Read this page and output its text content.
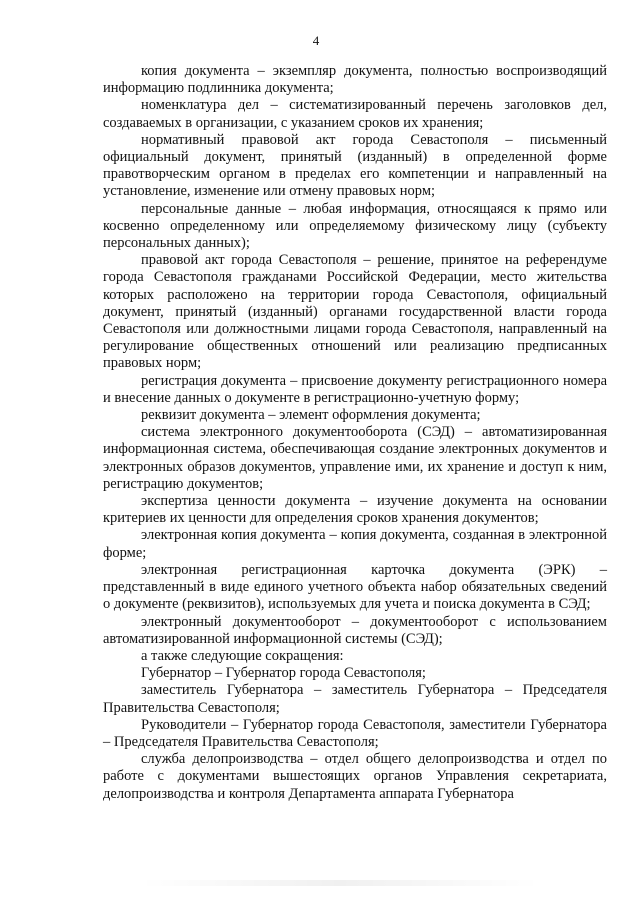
4

копия документа – экземпляр документа, полностью воспроизводящий информацию подлинника документа;

номенклатура дел – систематизированный перечень заголовков дел, создаваемых в организации, с указанием сроков их хранения;

нормативный правовой акт города Севастополя – письменный официальный документ, принятый (изданный) в определенной форме правотворческим органом в пределах его компетенции и направленный на установление, изменение или отмену правовых норм;

персональные данные – любая информация, относящаяся к прямо или косвенно определенному или определяемому физическому лицу (субъекту персональных данных);

правовой акт города Севастополя – решение, принятое на референдуме города Севастополя гражданами Российской Федерации, место жительства которых расположено на территории города Севастополя, официальный документ, принятый (изданный) органами государственной власти города Севастополя или должностными лицами города Севастополя, направленный на регулирование общественных отношений или реализацию предписанных правовых норм;

регистрация документа – присвоение документу регистрационного номера и внесение данных о документе в регистрационно-учетную форму;

реквизит документа – элемент оформления документа;

система электронного документооборота (СЭД) – автоматизированная информационная система, обеспечивающая создание электронных документов и электронных образов документов, управление ими, их хранение и доступ к ним, регистрацию документов;

экспертиза ценности документа – изучение документа на основании критериев их ценности для определения сроков хранения документов;

электронная копия документа – копия документа, созданная в электронной форме;

электронная регистрационная карточка документа (ЭРК) – представленный в виде единого учетного объекта набор обязательных сведений о документе (реквизитов), используемых для учета и поиска документа в СЭД;

электронный документооборот – документооборот с использованием автоматизированной информационной системы (СЭД);

а также следующие сокращения:

Губернатор – Губернатор города Севастополя;

заместитель Губернатора – заместитель Губернатора – Председателя Правительства Севастополя;

Руководители – Губернатор города Севастополя, заместители Губернатора – Председателя Правительства Севастополя;

служба делопроизводства – отдел общего делопроизводства и отдел по работе с документами вышестоящих органов Управления секретариата, делопроизводства и контроля Департамента аппарата Губернатора
